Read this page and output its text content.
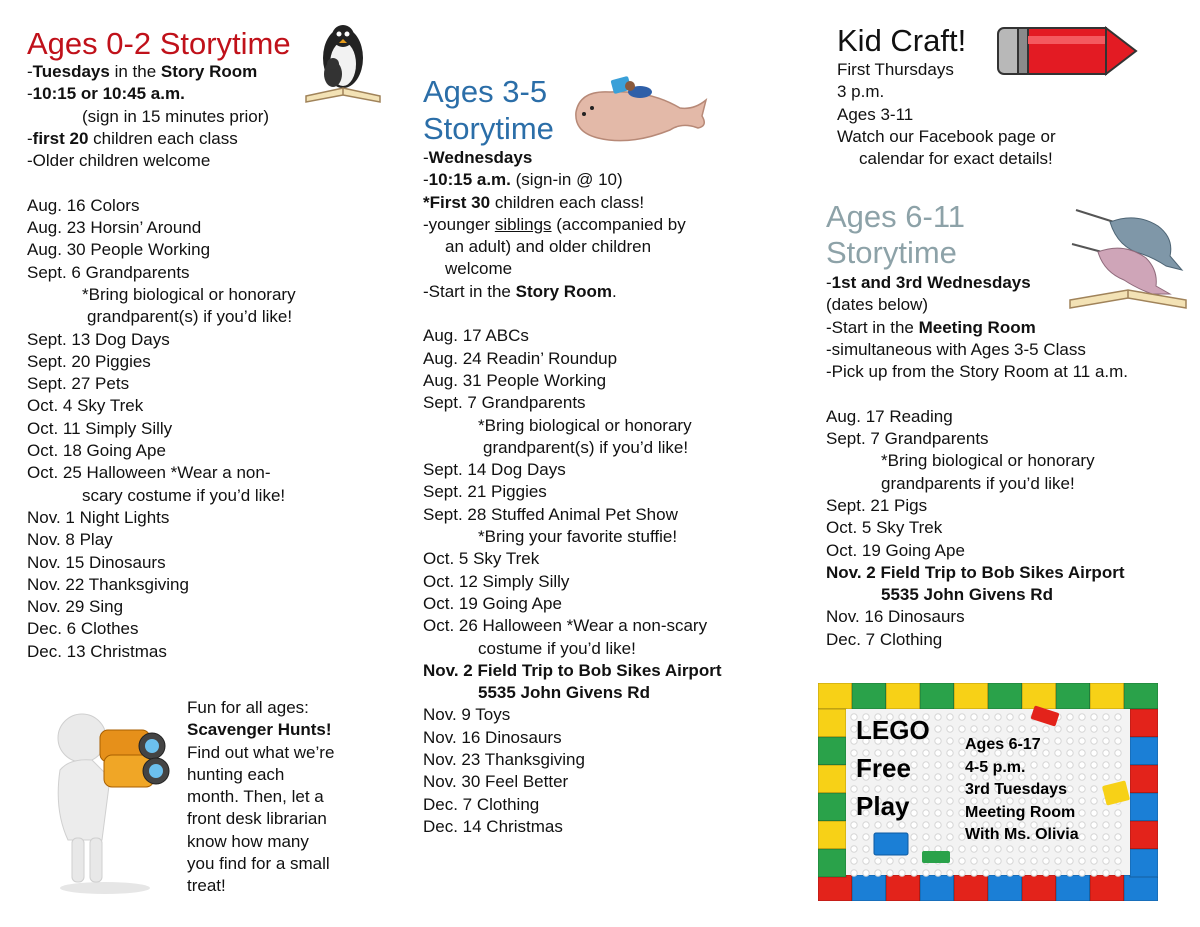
Ages 0-2 Storytime
-Tuesdays in the Story Room
-10:15 or 10:45 a.m.
(sign in 15 minutes prior)
-first 20 children each class
-Older children welcome
Aug. 16 Colors
Aug. 23 Horsin’ Around
Aug. 30 People Working
Sept. 6 Grandparents
*Bring biological or honorary
grandparent(s) if you’d like!
Sept. 13 Dog Days
Sept. 20 Piggies
Sept. 27 Pets
Oct. 4 Sky Trek
Oct. 11 Simply Silly
Oct. 18 Going Ape
Oct. 25 Halloween *Wear a non-
scary costume if you’d like!
Nov. 1 Night Lights
Nov. 8 Play
Nov. 15 Dinosaurs
Nov. 22 Thanksgiving
Nov. 29 Sing
Dec. 6 Clothes
Dec. 13 Christmas
Fun for all ages:
Scavenger Hunts!
Find out what we’re
hunting each
month. Then, let a
front desk librarian
know how many
you find for a small
treat!
Ages 3-5
Storytime
-Wednesdays
-10:15 a.m. (sign-in @ 10)
*First 30 children each class!
-younger siblings (accompanied by
an adult) and older children
welcome
-Start in the Story Room.
Aug. 17 ABCs
Aug. 24 Readin’ Roundup
Aug. 31 People Working
Sept. 7 Grandparents
*Bring biological or honorary
grandparent(s) if you’d like!
Sept. 14 Dog Days
Sept. 21 Piggies
Sept. 28 Stuffed Animal Pet Show
*Bring your favorite stuffie!
Oct. 5 Sky Trek
Oct. 12 Simply Silly
Oct. 19 Going Ape
Oct. 26 Halloween *Wear a non-scary
costume if you’d like!
Nov. 2 Field Trip to Bob Sikes Airport
5535 John Givens Rd
Nov. 9 Toys
Nov. 16 Dinosaurs
Nov. 23 Thanksgiving
Nov. 30 Feel Better
Dec. 7 Clothing
Dec. 14 Christmas
Kid Craft!
First Thursdays
3 p.m.
Ages 3-11
Watch our Facebook page or
calendar for exact details!
Ages 6-11
Storytime
-1st and 3rd Wednesdays
(dates below)
-Start in the Meeting Room
-simultaneous with Ages 3-5 Class
-Pick up from the Story Room at 11 a.m.
Aug. 17 Reading
Sept. 7 Grandparents
*Bring biological or honorary
grandparents if you’d like!
Sept. 21 Pigs
Oct. 5 Sky Trek
Oct. 19 Going Ape
Nov. 2 Field Trip to Bob Sikes Airport
5535 John Givens Rd
Nov. 16 Dinosaurs
Dec. 7 Clothing
LEGO
Free
Play
Ages 6-17
4-5 p.m.
3rd Tuesdays
Meeting Room
With Ms. Olivia
